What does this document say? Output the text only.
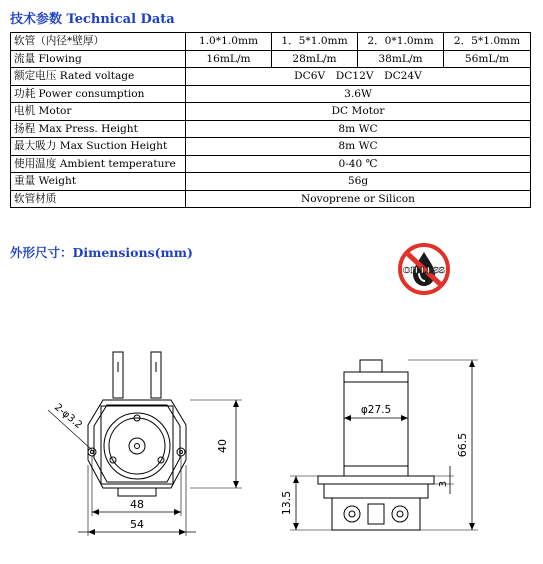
技术参数 Technical Data
软管（内径*壁厚）	1.0*1.0mm	1．5*1.0mm	2．0*1.0mm	2．5*1.0mm
流量 Flowing	16mL/m	28mL/m	38mL/m	56mL/m
额定电压 Rated voltage	DC6V　DC12V　DC24V			
功耗 Power consumption	3.6W			
电机 Motor	DC Motor			
扬程 Max Press. Height	8m WC			
最大吸力 Max Suction Height	8m WC			
使用温度 Ambient temperature	0-40 ℃			
重量 Weight	56g			
软管材质	Novoprene or Silicon			
外形尺寸：Dimensions(mm)
OILLESS
2-φ3.2
40
48
54
φ27.5
66.5
13.5
3
